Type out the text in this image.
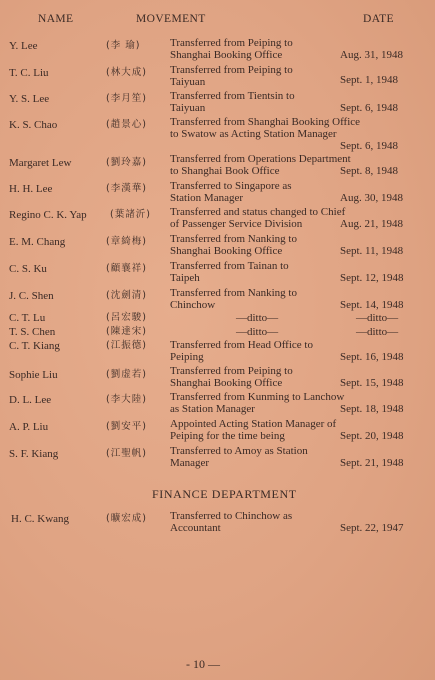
NAME	MOVEMENT	DATE
Y. Lee	(李 瑜)	Transferred from Peiping to
Shanghai Booking Office	Aug. 31, 1948
T. C. Liu	(林大成) Transferred from Peiping to
Taiyuan	Sept. 1, 1948
Y. S. Lee	(李月笙) Transferred from Tientsin to
Taiyuan	Sept. 6, 1948
K. S. Chao	(趙景心) Transferred from Shanghai Booking Office
to Swatow as Acting Station Manager
Sept. 6, 1948
Margaret Lew	(劉玲嘉) Transferred from Operations Department
to Shanghai Book Office	Sept. 8, 1948
H. H. Lee	(李漢華) Transferred to Singapore as
Station Manager	Aug. 30, 1948
Regino C. K. Yap (葉諸沂) Transferred and status changed to Chief
of Passenger Service Division	Aug. 21, 1948
E. M. Chang	(章綺梅) Transferred from Nanking to
Shanghai Booking Office	Sept. 11, 1948
C. S. Ku	(顧襄祥) Transferred from Tainan to
Taipeh	Sept. 12, 1948
J. C. Shen	(沈劍清) Transferred from Nanking to
Chinchow	Sept. 14, 1948
C. T. Lu	(呂宏駿)	—ditto—	—ditto—
T. S. Chen	(陳達宋)	—ditto—	—ditto—
C. T. Kiang	(江振德) Transferred from Head Office to
Peiping	Sept. 16, 1948
Sophie Liu	(劉虚若) Transferred from Peiping to
Shanghai Booking Office	Sept. 15, 1948
D. L. Lee	(李大陸) Transferred from Kunming to Lanchow
as Station Manager	Sept. 18, 1948
A. P. Liu	(劉安平) Appointed Acting Station Manager of
Peiping for the time being	Sept. 20, 1948
S. F. Kiang	(江聖帆) Transferred to Amoy as Station
Manager	Sept. 21, 1948
FINANCE DEPARTMENT
H. C. Kwang	(曠宏成) Transferred to Chinchow as
Accountant	Sept. 22, 1947
- 10 —
